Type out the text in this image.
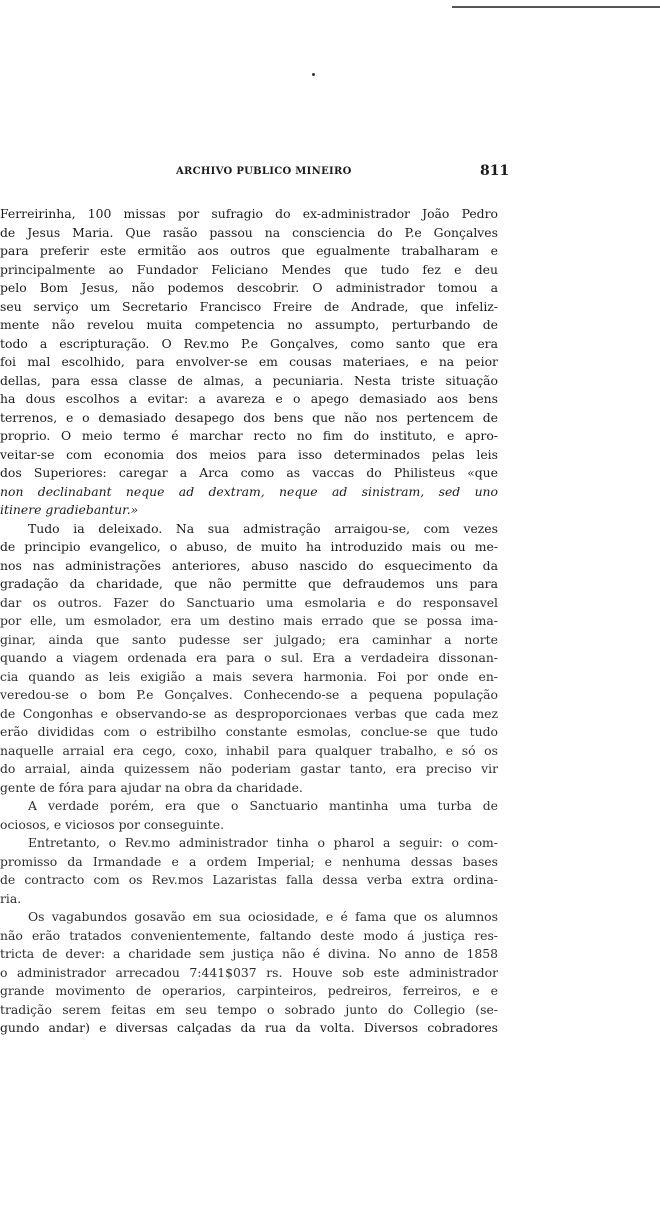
ARCHIVO PUBLICO MINEIRO	811
Ferreirinha, 100 missas por sufragio do ex-administrador João Pedro
de Jesus Maria. Que rasão passou na consciencia do P.e Gonçalves
para preferir este ermitão aos outros que egualmente trabalharam e
principalmente ao Fundador Feliciano Mendes que tudo fez e deu
pelo Bom Jesus, não podemos descobrir. O administrador tomou a
seu serviço um Secretario Francisco Freire de Andrade, que infeliz-
mente não revelou muita competencia no assumpto, perturbando de
todo a escripturação. O Rev.mo P.e Gonçalves, como santo que era
foi mal escolhido, para envolver-se em cousas materiaes, e na peior
dellas, para essa classe de almas, a pecuniaria. Nesta triste situação
ha dous escolhos a evitar: a avareza e o apego demasiado aos bens
terrenos, e o demasiado desapego dos bens que não nos pertencem de
proprio. O meio termo é marchar recto no fim do instituto, e apro-
veitar-se com economia dos meios para isso determinados pelas leis
dos Superiores: caregar a Arca como as vaccas do Philisteus «que
non declinabant neque ad dextram, neque ad sinistram, sed uno
itinere gradiebantur.»
Tudo ia deleixado. Na sua admistração arraigou-se, com vezes
de principio evangelico, o abuso, de muito ha introduzido mais ou me-
nos nas administrações anteriores, abuso nascido do esquecimento da
gradação da charidade, que não permitte que defraudemos uns para
dar os outros. Fazer do Sanctuario uma esmolaria e do responsavel
por elle, um esmolador, era um destino mais errado que se possa ima-
ginar, ainda que santo pudesse ser julgado; era caminhar a norte
quando a viagem ordenada era para o sul. Era a verdadeira dissonan-
cia quando as leis exigião a mais severa harmonia. Foi por onde en-
veredou-se o bom P.e Gonçalves. Conhecendo-se a pequena população
de Congonhas e observando-se as desproporcionaes verbas que cada mez
erão divididas com o estribilho constante esmolas, conclue-se que tudo
naquelle arraial era cego, coxo, inhabil para qualquer trabalho, e só os
do arraial, ainda quizessem não poderiam gastar tanto, era preciso vir
gente de fóra para ajudar na obra da charidade.
A verdade porém, era que o Sanctuario mantinha uma turba de
ociosos, e viciosos por conseguinte.
Entretanto, o Rev.mo administrador tinha o pharol a seguir: o com-
promisso da Irmandade e a ordem Imperial; e nenhuma dessas bases
de contracto com os Rev.mos Lazaristas falla dessa verba extra ordina-
ria.
Os vagabundos gosavão em sua ociosidade, e é fama que os alumnos
não erão tratados convenientemente, faltando deste modo á justiça res-
tricta de dever: a charidade sem justiça não é divina. No anno de 1858
o administrador arrecadou 7:441$037 rs. Houve sob este administrador
grande movimento de operarios, carpinteiros, pedreiros, ferreiros, e e
tradição serem feitas em seu tempo o sobrado junto do Collegio (se-
gundo andar) e diversas calçadas da rua da volta. Diversos cobradores
